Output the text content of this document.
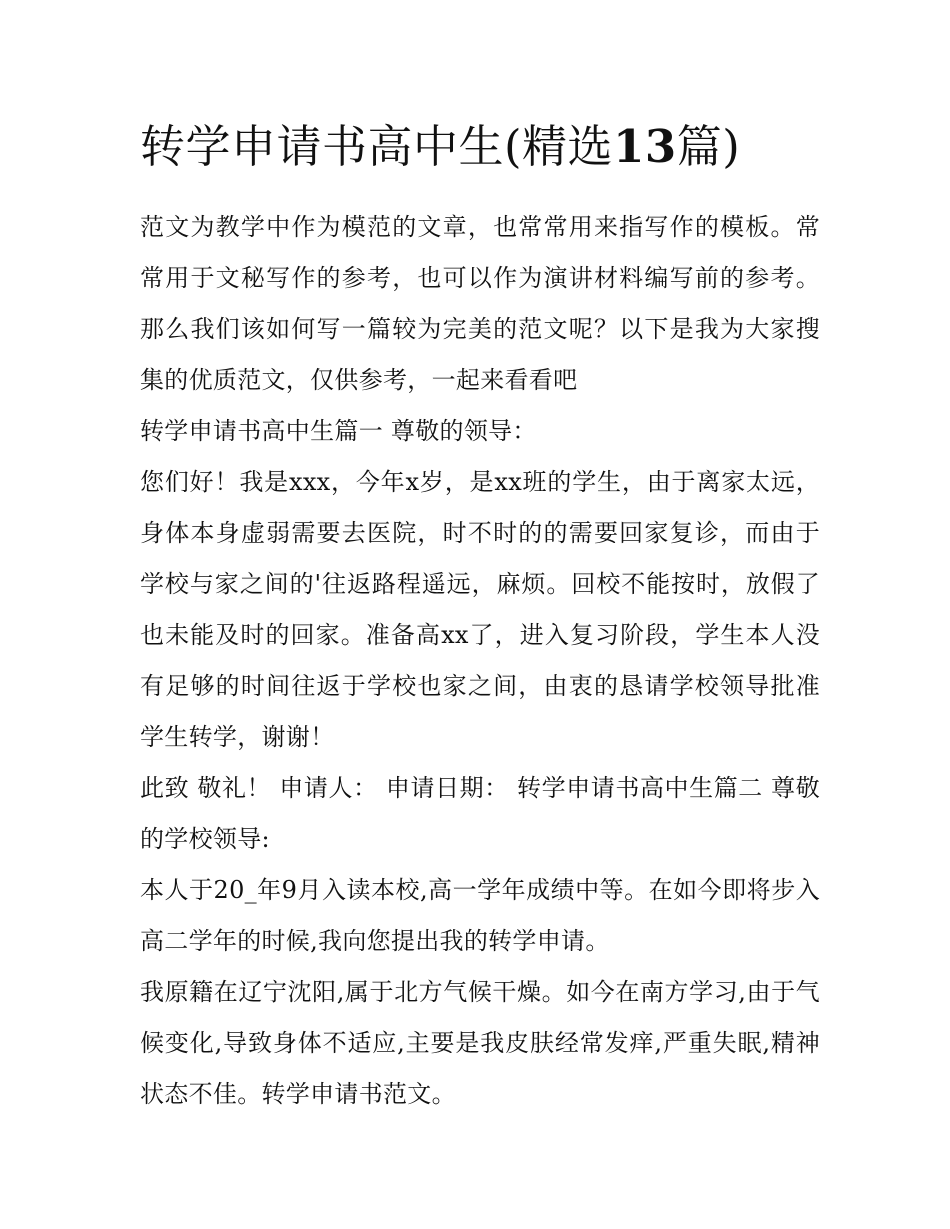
转学申请书高中生(精选13篇)

范文为教学中作为模范的文章，也常常用来指写作的模板。常常用于文秘写作的参考，也可以作为演讲材料编写前的参考。那么我们该如何写一篇较为完美的范文呢？以下是我为大家搜集的优质范文，仅供参考，一起来看看吧

转学申请书高中生篇一 尊敬的领导：

您们好！我是xxx，今年x岁，是xx班的学生，由于离家太远，身体本身虚弱需要去医院，时不时的的需要回家复诊，而由于学校与家之间的'往返路程遥远，麻烦。回校不能按时，放假了也未能及时的回家。准备高xx了，进入复习阶段，学生本人没有足够的时间往返于学校也家之间，由衷的恳请学校领导批准学生转学，谢谢！

此致 敬礼！ 申请人： 申请日期： 转学申请书高中生篇二 尊敬的学校领导:

本人于20_年9月入读本校,高一学年成绩中等。在如今即将步入高二学年的时候,我向您提出我的转学申请。

我原籍在辽宁沈阳,属于北方气候干燥。如今在南方学习,由于气候变化,导致身体不适应,主要是我皮肤经常发痒,严重失眠,精神状态不佳。转学申请书范文。
